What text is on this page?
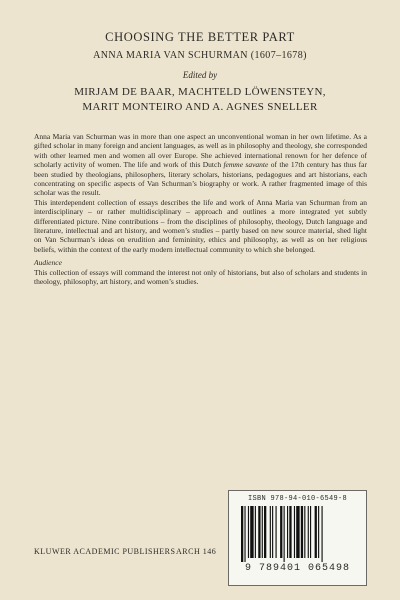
CHOOSING THE BETTER PART
ANNA MARIA VAN SCHURMAN (1607–1678)
Edited by
MIRJAM DE BAAR, MACHTELD LÖWENSTEYN,
MARIT MONTEIRO AND A. AGNES SNELLER

Anna Maria van Schurman was in more than one aspect an unconventional woman in her own lifetime. As a gifted scholar in many foreign and ancient languages, as well as in philosophy and theology, she corresponded with other learned men and women all over Europe. She achieved international renown for her defence of scholarly activity of women. The life and work of this Dutch femme savante of the 17th century has thus far been studied by theologians, philosophers, literary scholars, historians, pedagogues and art historians, each concentrating on specific aspects of Van Schurman’s biography or work. A rather fragmented image of this scholar was the result.

This interdependent collection of essays describes the life and work of Anna Maria van Schurman from an interdisciplinary – or rather multidisciplinary – approach and outlines a more integrated yet subtly differentiated picture. Nine contributions – from the disciplines of philosophy, theology, Dutch language and literature, intellectual and art history, and women’s studies – partly based on new source material, shed light on Van Schurman’s ideas on erudition and femininity, ethics and philosophy, as well as on her religious beliefs, within the context of the early modern intellectual community to which she belonged.

Audience

This collection of essays will command the interest not only of historians, but also of scholars and students in theology, philosophy, art history, and women’s studies.

ISBN 978-94-010-6549-8
9 789401 065498
KLUWER ACADEMIC PUBLISHERS ARCH 146
